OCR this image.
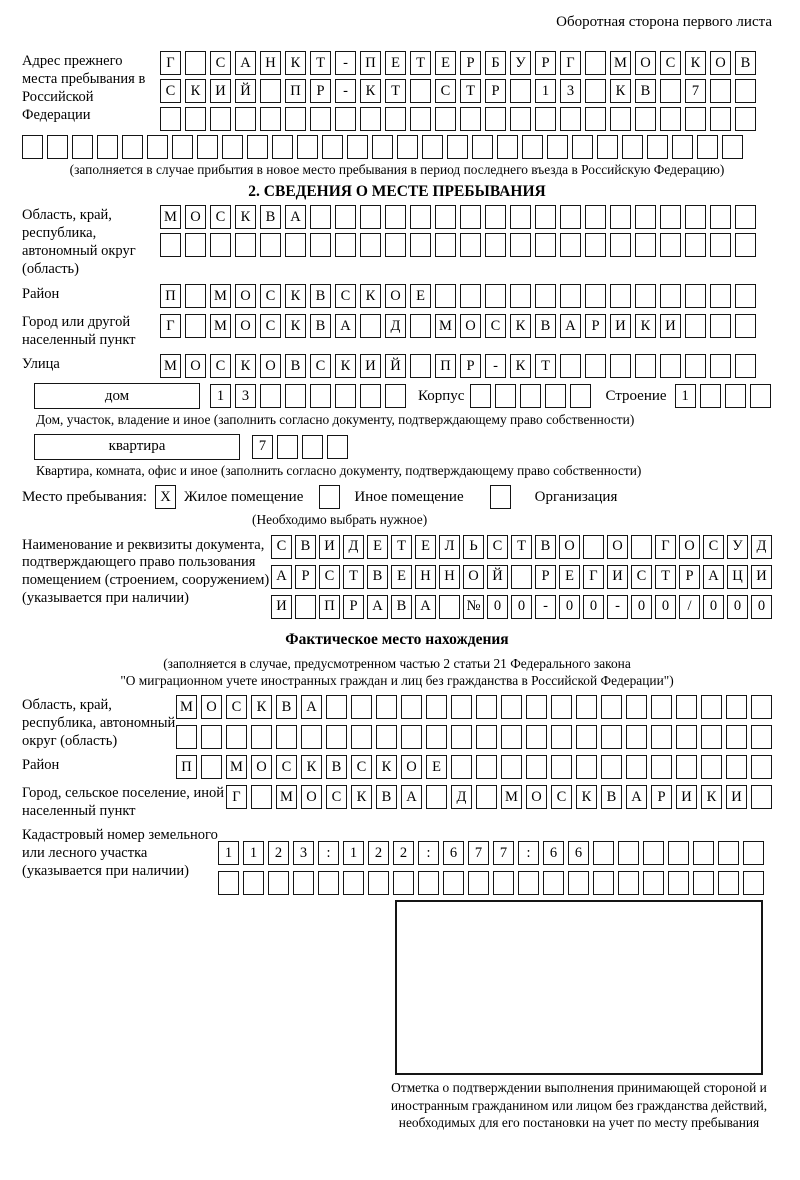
Оборотная сторона первого листа
Адрес прежнего места пребывания в Российской Федерации
Г	С	А	Н	К	Т	-	П	Е	Т	Е	Р	Б	У	Р	Г	М О	С	К	О	В
С	К	И	Й	П	Р	-	К	Т	С	Т	Р	1	3	К	В	7
(заполняется в случае прибытия в новое место пребывания в период последнего въезда в Российскую Федерацию)
2. СВЕДЕНИЯ О МЕСТЕ ПРЕБЫВАНИЯ
Область, край, республика, автономный округ (область)
М О	С	К	В	А
Район	П	М О	С	К	В	С	К	О	Е
Город или другой населенный пункт
Г	М О	С	К	В	А	Д	М О	С	К	В	А	Р	И	К	И
Улица	М О	С	К	О	В	С	К	И	Й	П	Р	-	К	Т
дом	1	3	Корпус	Строение	1
Дом, участок, владение и иное (заполнить согласно документу, подтверждающему право собственности)
квартира	7
Квартира, комната, офис и иное (заполнить согласно документу, подтверждающему право собственности)
Место пребывания: X Жилое помещение	Иное помещение	Организация
(Необходимо выбрать нужное)
Наименование и реквизиты документа, подтверждающего право пользования помещением (строением, сооружением) (указывается при наличии)
С В И Д	Е	Т	Е	Л	Ь	С	Т	В О	О	Г	О С У Д
А	Р	С	Т	В	Е Н Н О Й	Р	Е	Г	И С	Т	Р	А Ц И
И	П	Р	А В А	№ 0	0	-	0	0	-	0	0	/	0	0	0
Фактическое место нахождения
(заполняется в случае, предусмотренном частью 2 статьи 21 Федерального закона
"О миграционном учете иностранных граждан и лиц без гражданства в Российской Федерации")
Область, край, республика, автономный округ (область)
М О	С	К	В	А
Район	П	М О	С	К	В	С	К	О	Е
Город, сельское поселение, иной населенный пункт
Г	М О	С	К	В	А	Д	М О	С	К	В	А	Р	И	К	И
Кадастровый номер земельного или лесного участка (указывается при наличии)
1	1	2	3	:	1	2	2	:	6	7	7	:	6	6
Отметка о подтверждении выполнения принимающей стороной и иностранным гражданином или лицом без гражданства действий, необходимых для его постановки на учет по месту пребывания
